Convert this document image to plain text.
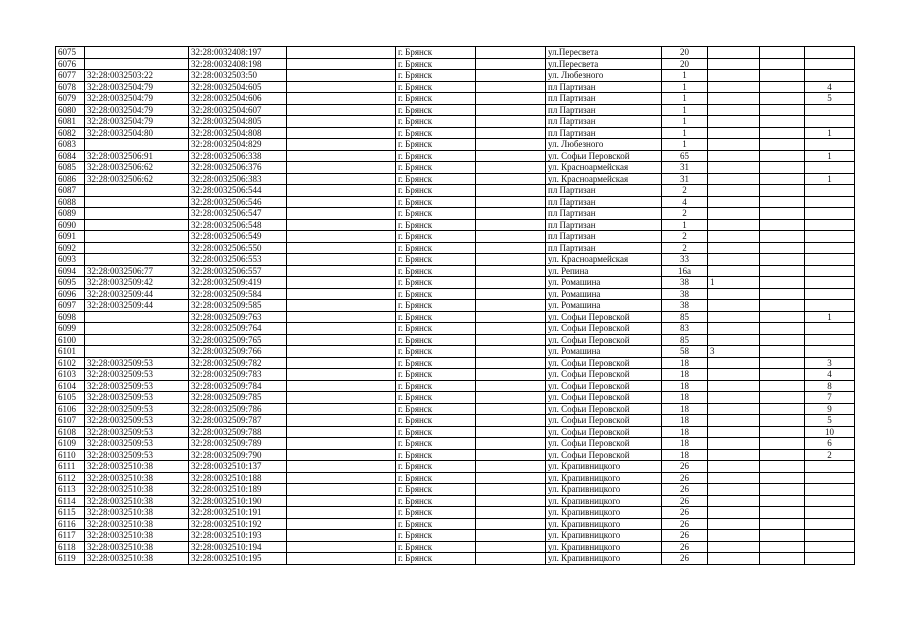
6075		32:28:0032408:197		г. Брянск		ул.Пересвета	20			
6076		32:28:0032408:198		г. Брянск		ул.Пересвета	20			
6077	32:28:0032503:22	32:28:0032503:50		г. Брянск		ул. Любезного	1			
6078	32:28:0032504:79	32:28:0032504:605		г. Брянск		пл Партизан	1			4
6079	32:28:0032504:79	32:28:0032504:606		г. Брянск		пл Партизан	1			5
6080	32:28:0032504:79	32:28:0032504:607		г. Брянск		пл Партизан	1			
6081	32:28:0032504:79	32:28:0032504:805		г. Брянск		пл Партизан	1			
6082	32:28:0032504:80	32:28:0032504:808		г. Брянск		пл Партизан	1			1
6083		32:28:0032504:829		г. Брянск		ул. Любезного	1			
6084	32:28:0032506:91	32:28:0032506:338		г. Брянск		ул. Софьи Перовской	65			1
6085	32:28:0032506:62	32:28:0032506:376		г. Брянск		ул. Красноармейская	31			
6086	32:28:0032506:62	32:28:0032506:383		г. Брянск		ул. Красноармейская	31			1
6087		32:28:0032506:544		г. Брянск		пл Партизан	2			
6088		32:28:0032506:546		г. Брянск		пл Партизан	4			
6089		32:28:0032506:547		г. Брянск		пл Партизан	2			
6090		32:28:0032506:548		г. Брянск		пл Партизан	1			
6091		32:28:0032506:549		г. Брянск		пл Партизан	2			
6092		32:28:0032506:550		г. Брянск		пл Партизан	2			
6093		32:28:0032506:553		г. Брянск		ул. Красноармейская	33			
6094	32:28:0032506:77	32:28:0032506:557		г. Брянск		ул. Репина	16а			
6095	32:28:0032509:42	32:28:0032509:419		г. Брянск		ул. Ромашина	38	1		
6096	32:28:0032509:44	32:28:0032509:584		г. Брянск		ул. Ромашина	38			
6097	32:28:0032509:44	32:28:0032509:585		г. Брянск		ул. Ромашина	38			
6098		32:28:0032509:763		г. Брянск		ул. Софьи Перовской	85			1
6099		32:28:0032509:764		г. Брянск		ул. Софьи Перовской	83			
6100		32:28:0032509:765		г. Брянск		ул. Софьи Перовской	85			
6101		32:28:0032509:766		г. Брянск		ул. Ромашина	58	3		
6102	32:28:0032509:53	32:28:0032509:782		г. Брянск		ул. Софьи Перовской	18			3
6103	32:28:0032509:53	32:28:0032509:783		г. Брянск		ул. Софьи Перовской	18			4
6104	32:28:0032509:53	32:28:0032509:784		г. Брянск		ул. Софьи Перовской	18			8
6105	32:28:0032509:53	32:28:0032509:785		г. Брянск		ул. Софьи Перовской	18			7
6106	32:28:0032509:53	32:28:0032509:786		г. Брянск		ул. Софьи Перовской	18			9
6107	32:28:0032509:53	32:28:0032509:787		г. Брянск		ул. Софьи Перовской	18			5
6108	32:28:0032509:53	32:28:0032509:788		г. Брянск		ул. Софьи Перовской	18			10
6109	32:28:0032509:53	32:28:0032509:789		г. Брянск		ул. Софьи Перовской	18			6
6110	32:28:0032509:53	32:28:0032509:790		г. Брянск		ул. Софьи Перовской	18			2
6111	32:28:0032510:38	32:28:0032510:137		г. Брянск		ул. Крапивницкого	26			
6112	32:28:0032510:38	32:28:0032510:188		г. Брянск		ул. Крапивницкого	26			
6113	32:28:0032510:38	32:28:0032510:189		г. Брянск		ул. Крапивницкого	26			
6114	32:28:0032510:38	32:28:0032510:190		г. Брянск		ул. Крапивницкого	26			
6115	32:28:0032510:38	32:28:0032510:191		г. Брянск		ул. Крапивницкого	26			
6116	32:28:0032510:38	32:28:0032510:192		г. Брянск		ул. Крапивницкого	26			
6117	32:28:0032510:38	32:28:0032510:193		г. Брянск		ул. Крапивницкого	26			
6118	32:28:0032510:38	32:28:0032510:194		г. Брянск		ул. Крапивницкого	26			
6119	32:28:0032510:38	32:28:0032510:195		г. Брянск		ул. Крапивницкого	26			
